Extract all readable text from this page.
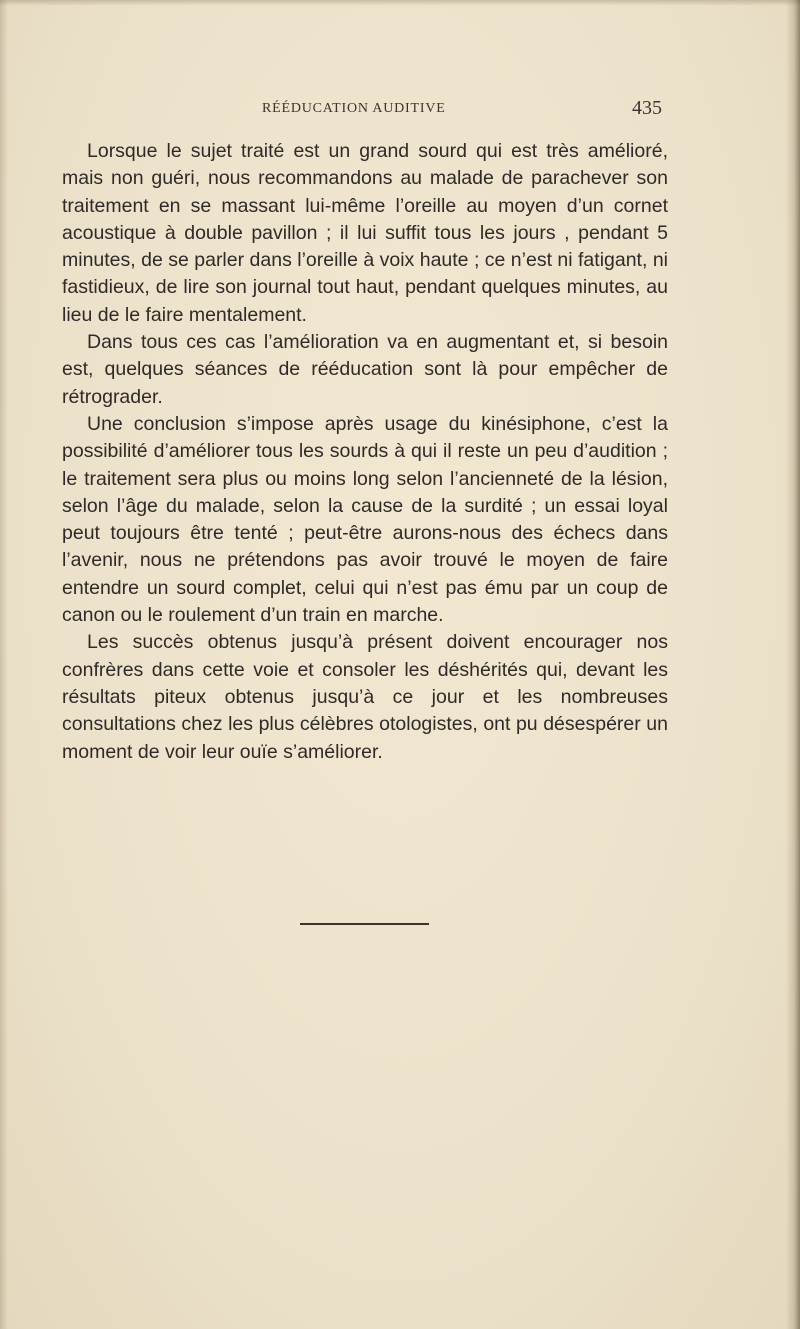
RÉÉDUCATION AUDITIVE	435

Lorsque le sujet traité est un grand sourd qui est très amélioré, mais non guéri, nous recommandons au malade de parachever son traitement en se massant lui-même l’oreille au moyen d’un cornet acoustique à double pavillon ; il lui suffit tous les jours , pendant 5 minutes, de se parler dans l’oreille à voix haute ; ce n’est ni fatigant, ni fastidieux, de lire son journal tout haut, pendant quelques minutes, au lieu de le faire mentalement.

Dans tous ces cas l’amélioration va en augmentant et, si besoin est, quelques séances de rééducation sont là pour empêcher de rétrograder.

Une conclusion s’impose après usage du kinésiphone, c’est la possibilité d’améliorer tous les sourds à qui il reste un peu d’audition ; le traitement sera plus ou moins long selon l’ancienneté de la lésion, selon l’âge du malade, selon la cause de la surdité ; un essai loyal peut toujours être tenté ; peut-être aurons-nous des échecs dans l’avenir, nous ne prétendons pas avoir trouvé le moyen de faire entendre un sourd complet, celui qui n’est pas ému par un coup de canon ou le roulement d’un train en marche.

Les succès obtenus jusqu’à présent doivent encourager nos confrères dans cette voie et consoler les déshérités qui, devant les résultats piteux obtenus jusqu’à ce jour et les nombreuses consultations chez les plus célèbres otologistes, ont pu désespérer un moment de voir leur ouïe s’améliorer.
